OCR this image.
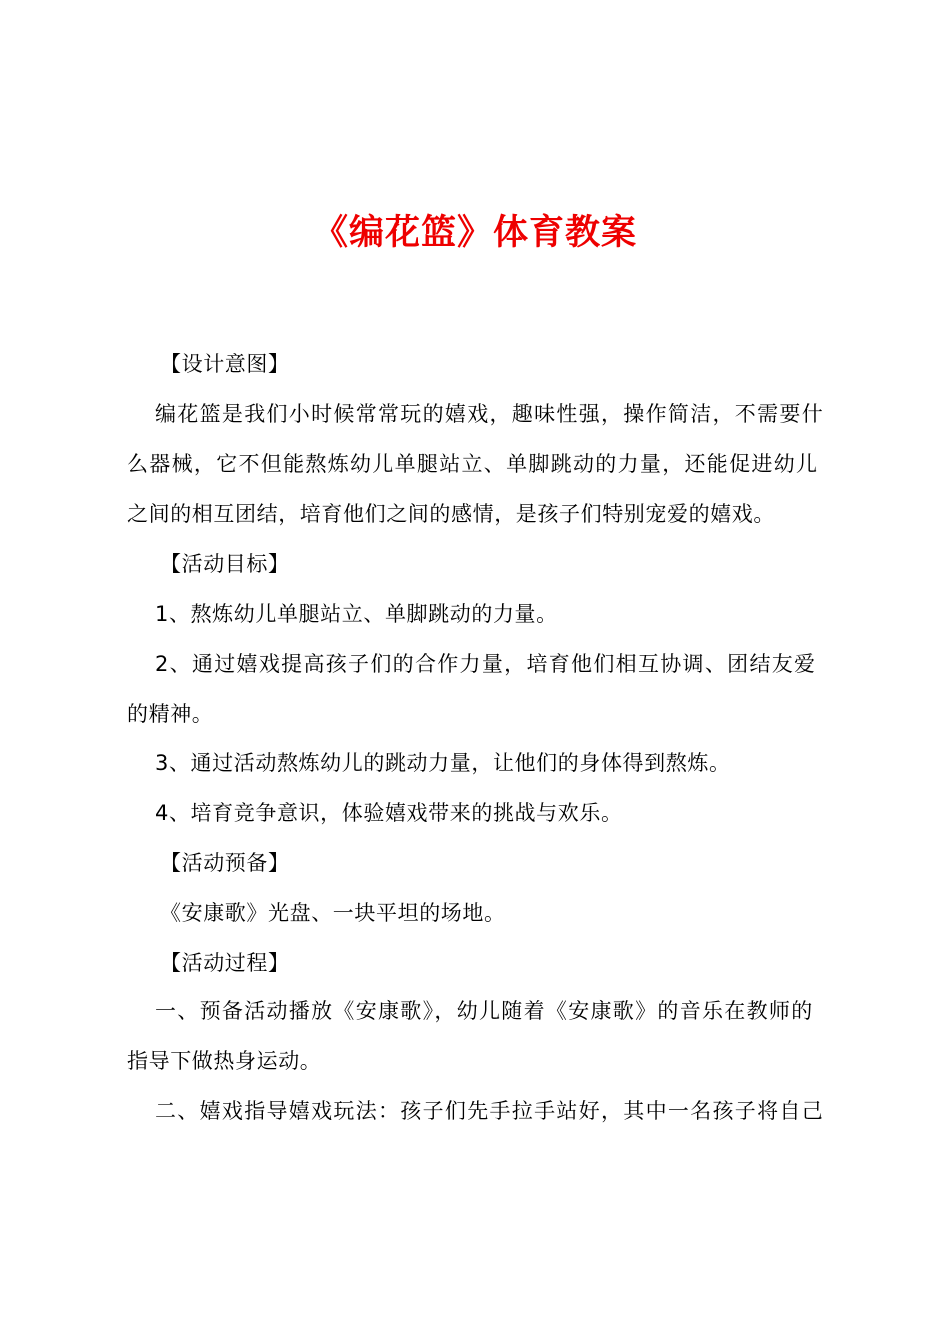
《编花篮》体育教案
【设计意图】
编花篮是我们小时候常常玩的嬉戏，趣味性强，操作简洁，不需要什
么器械，它不但能熬炼幼儿单腿站立、单脚跳动的力量，还能促进幼儿
之间的相互团结，培育他们之间的感情，是孩子们特别宠爱的嬉戏。
【活动目标】
1、熬炼幼儿单腿站立、单脚跳动的力量。
2、通过嬉戏提高孩子们的合作力量，培育他们相互协调、团结友爱
的精神。
3、通过活动熬炼幼儿的跳动力量，让他们的身体得到熬炼。
4、培育竞争意识，体验嬉戏带来的挑战与欢乐。
【活动预备】
《安康歌》光盘、一块平坦的场地。
【活动过程】
一、预备活动播放《安康歌》，幼儿随着《安康歌》的音乐在教师的
指导下做热身运动。
二、嬉戏指导嬉戏玩法：孩子们先手拉手站好，其中一名孩子将自己
